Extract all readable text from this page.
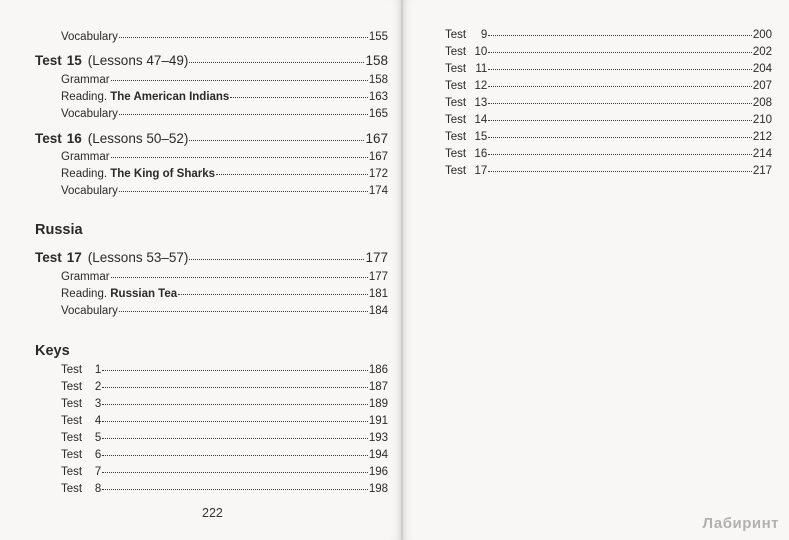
Vocabulary	155
Test 15 (Lessons 47–49)	158
Grammar	158
Reading. The American Indians	163
Vocabulary	165
Test 16 (Lessons 50–52)	167
Grammar	167
Reading. The King of Sharks	172
Vocabulary	174
Russia
Test 17 (Lessons 53–57)	177
Grammar	177
Reading. Russian Tea	181
Vocabulary	184
Keys
Test 1	186
Test 2	187
Test 3	189
Test 4	191
Test 5	193
Test 6	194
Test 7	196
Test 8	198
222
Test 9	200
Test 10	202
Test 11	204
Test 12	207
Test 13	208
Test 14	210
Test 15	212
Test 16	214
Test 17	217
Лабиринт
